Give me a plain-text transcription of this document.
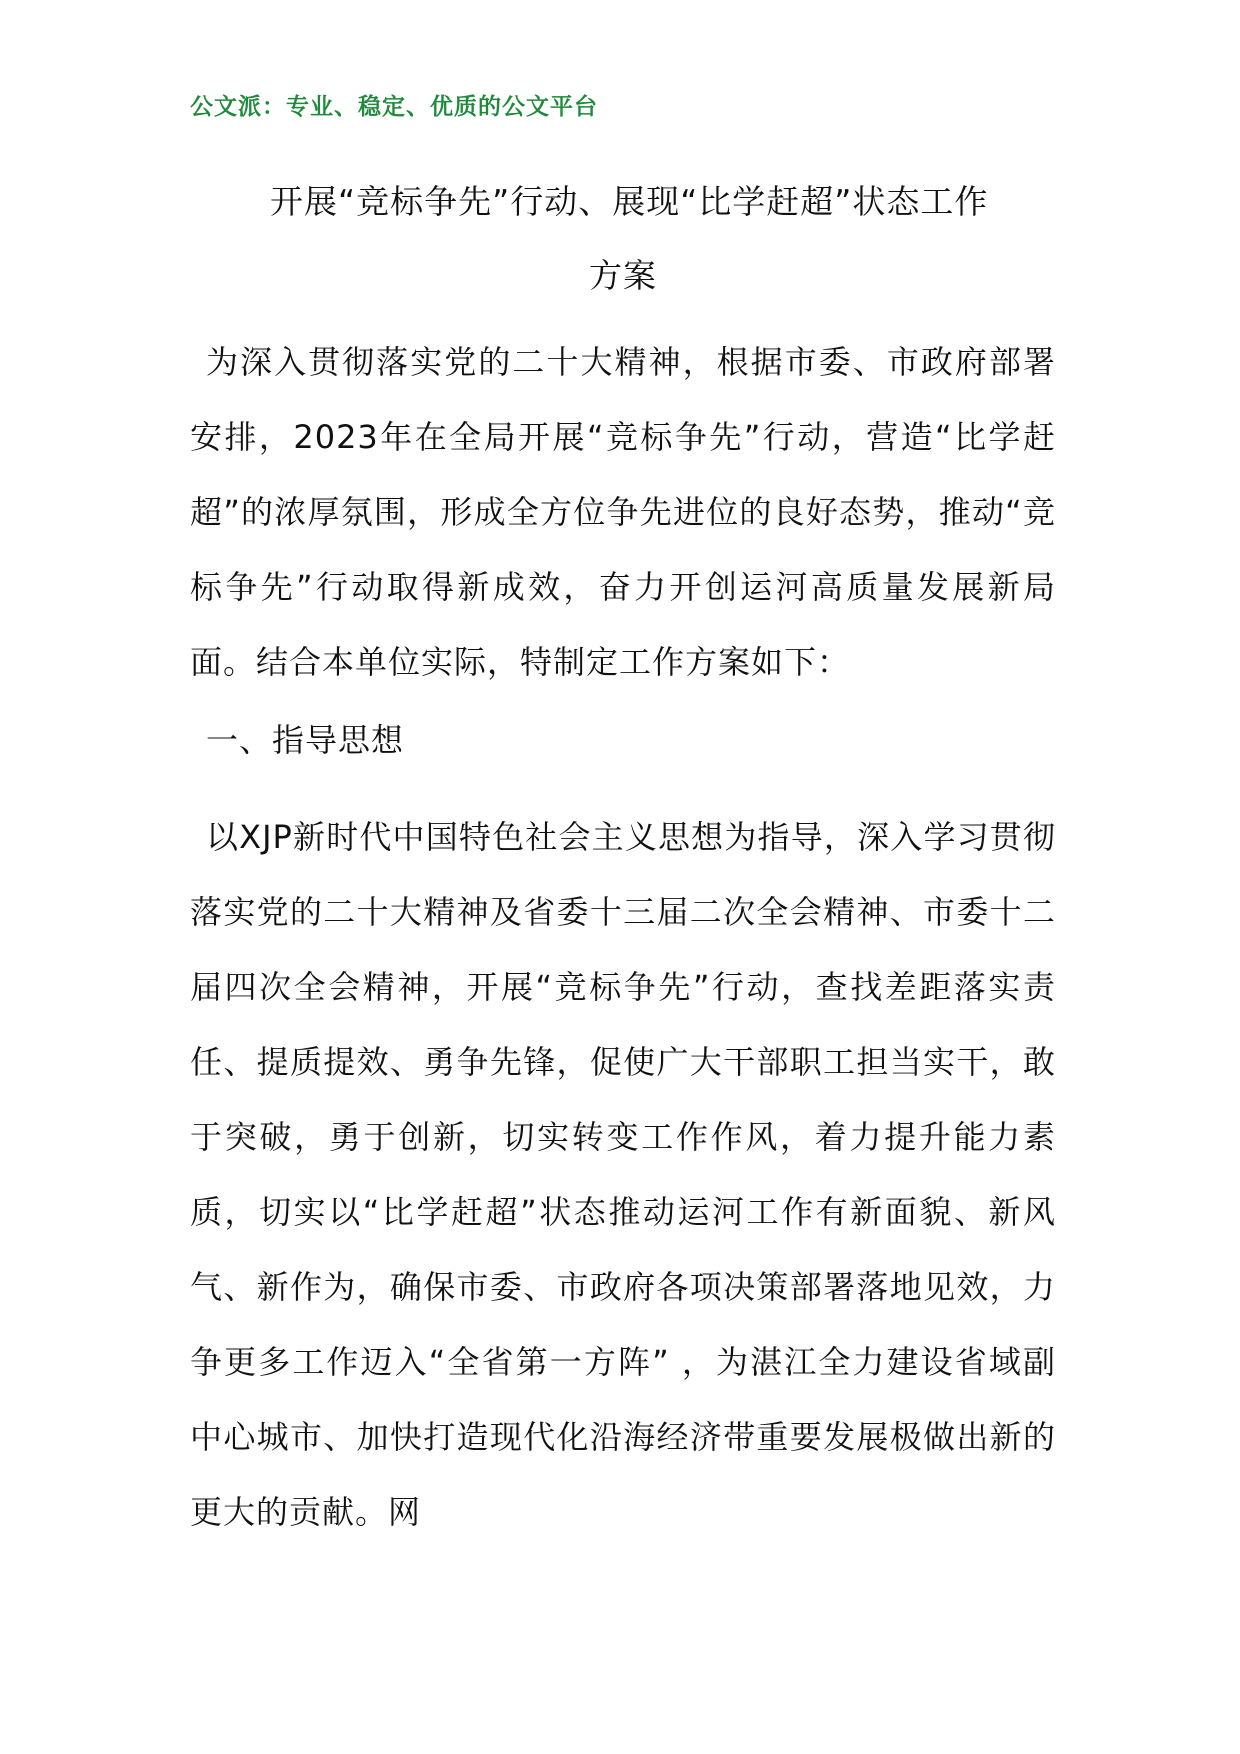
公文派：专业、稳定、优质的公文平台
开展“竞标争先”行动、展现“比学赶超”状态工作
方案
为深入贯彻落实党的二十大精神，根据市委、市政府部署安排，2023年在全局开展“竞标争先”行动，营造“比学赶超”的浓厚氛围，形成全方位争先进位的良好态势，推动“竞标争先”行动取得新成效，奋力开创运河高质量发展新局面。结合本单位实际，特制定工作方案如下：
一、指导思想
以XJP新时代中国特色社会主义思想为指导，深入学习贯彻落实党的二十大精神及省委十三届二次全会精神、市委十二届四次全会精神，开展“竞标争先”行动，查找差距落实责任、提质提效、勇争先锋，促使广大干部职工担当实干，敢于突破，勇于创新，切实转变工作作风，着力提升能力素质，切实以“比学赶超”状态推动运河工作有新面貌、新风气、新作为，确保市委、市政府各项决策部署落地见效，力争更多工作迈入“全省第一方阵” ，为湛江全力建设省域副中心城市、加快打造现代化沿海经济带重要发展极做出新的更大的贡献。网
